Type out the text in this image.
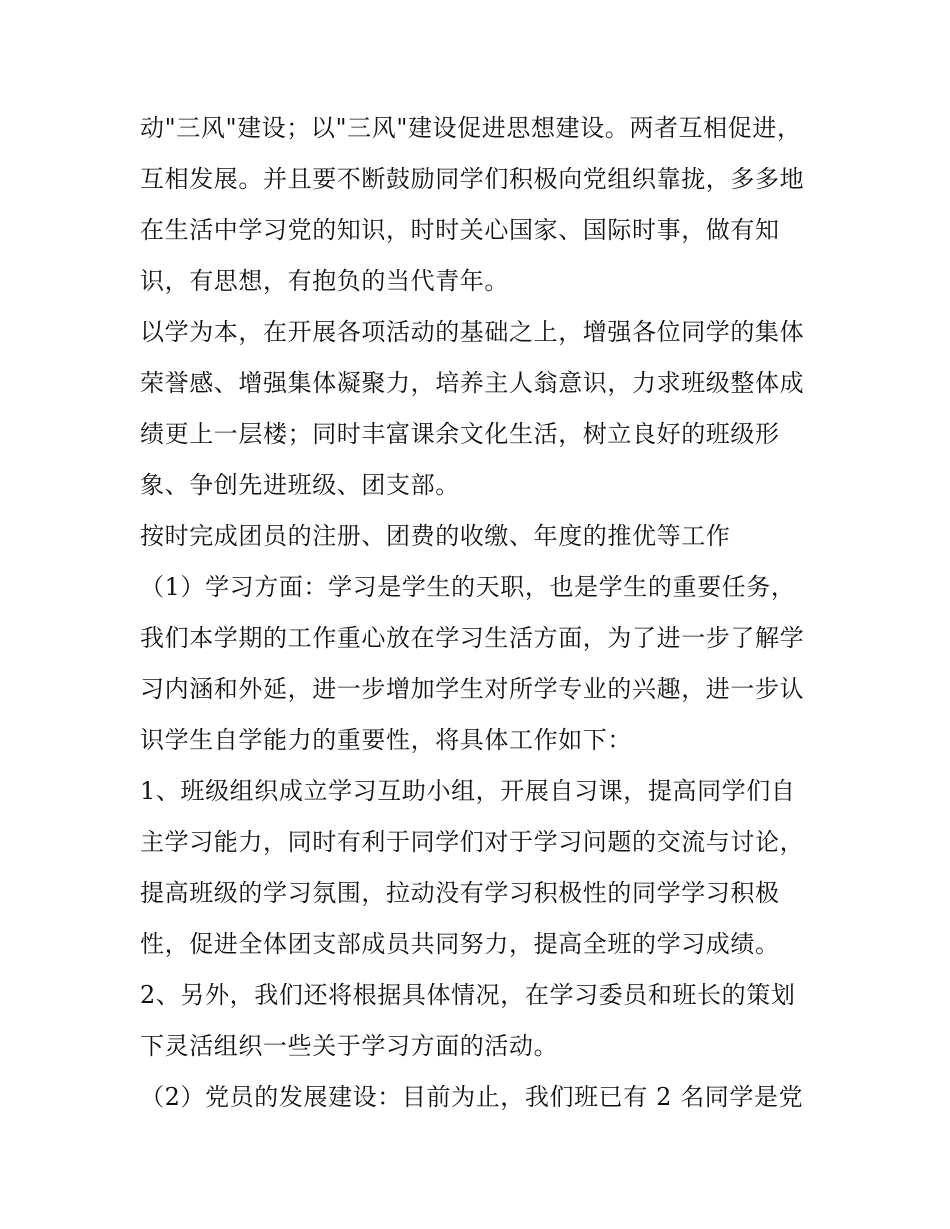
动"三风"建设；以"三风"建设促进思想建设。两者互相促进，
互相发展。并且要不断鼓励同学们积极向党组织靠拢，多多地
在生活中学习党的知识，时时关心国家、国际时事，做有知
识，有思想，有抱负的当代青年。
以学为本，在开展各项活动的基础之上，增强各位同学的集体
荣誉感、增强集体凝聚力，培养主人翁意识，力求班级整体成
绩更上一层楼；同时丰富课余文化生活，树立良好的班级形
象、争创先进班级、团支部。
按时完成团员的注册、团费的收缴、年度的推优等工作
（1）学习方面：学习是学生的天职，也是学生的重要任务，
我们本学期的工作重心放在学习生活方面，为了进一步了解学
习内涵和外延，进一步增加学生对所学专业的兴趣，进一步认
识学生自学能力的重要性，将具体工作如下：
1、班级组织成立学习互助小组，开展自习课，提高同学们自
主学习能力，同时有利于同学们对于学习问题的交流与讨论，
提高班级的学习氛围，拉动没有学习积极性的同学学习积极
性，促进全体团支部成员共同努力，提高全班的学习成绩。
2、另外，我们还将根据具体情况，在学习委员和班长的策划
下灵活组织一些关于学习方面的活动。
（2）党员的发展建设：目前为止，我们班已有 2 名同学是党
